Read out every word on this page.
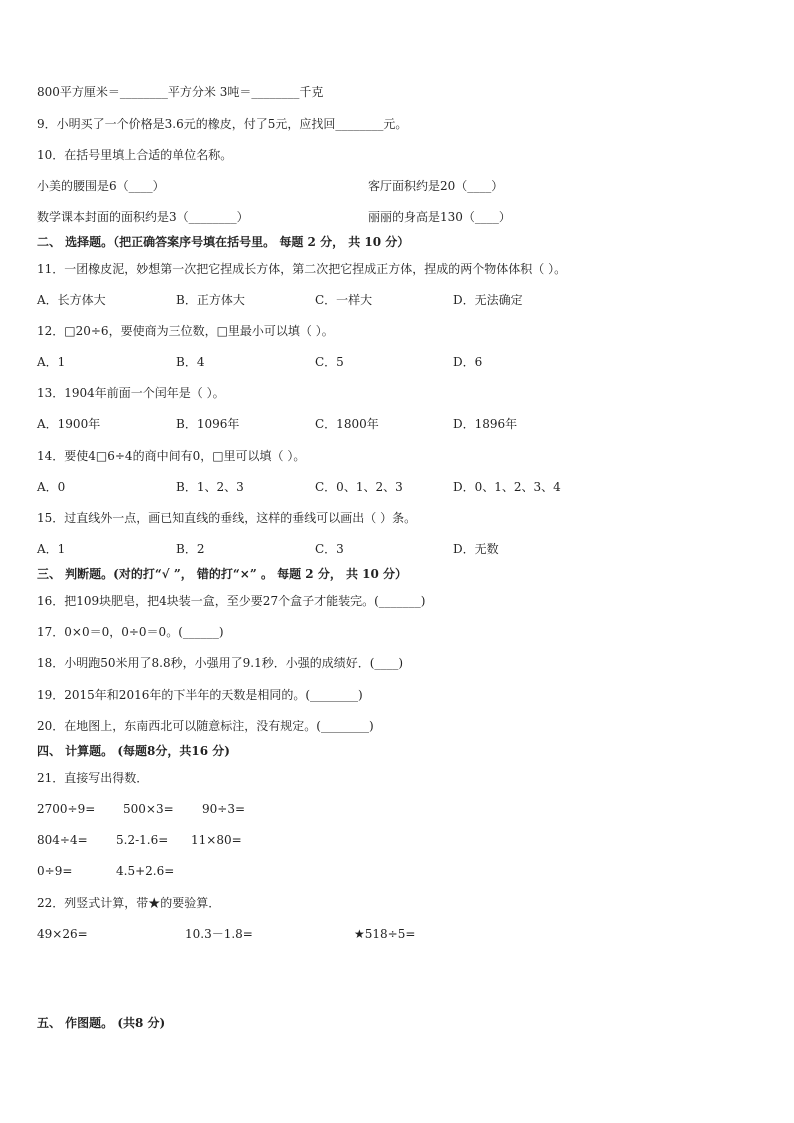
800平方厘米＝________平方分米 3吨＝________千克
9．小明买了一个价格是3.6元的橡皮，付了5元，应找回________元。
10．在括号里填上合适的单位名称。
小美的腰围是6（____）	客厅面积约是20（____）
数学课本封面的面积约是3（________）	丽丽的身高是130（____）
二、 选择题。（把正确答案序号填在括号里。 每题 2 分， 共 10 分）
11．一团橡皮泥，妙想第一次把它捏成长方体，第二次把它捏成正方体，捏成的两个物体体积（ ）。
A．长方体大	B．正方体大	C．一样大	D．无法确定
12．□20÷6，要使商为三位数，□里最小可以填（ ）。
A．1	B．4	C．5	D．6
13．1904年前面一个闰年是（ ）。
A．1900年	B．1096年	C．1800年	D．1896年
14．要使4□6÷4的商中间有0，□里可以填（ ）。
A．0	B．1、2、3	C．0、1、2、3	D．0、1、2、3、4
15．过直线外一点，画已知直线的垂线，这样的垂线可以画出（ ）条。
A．1	B．2	C．3	D．无数
三、 判断题。(对的打“√ ”， 错的打“×” 。 每题 2 分， 共 10 分）
16．把109块肥皂，把4块装一盒，至少要27个盒子才能装完。(_______)
17．0×0＝0，0÷0＝0。(______)
18．小明跑50米用了8.8秒，小强用了9.1秒．小强的成绩好．(____)
19．2015年和2016年的下半年的天数是相同的。(________)
20．在地图上，东南西北可以随意标注，没有规定。(________)
四、 计算题。 (每题8分，共16 分)
21．直接写出得数．
2700÷9= 500×3= 90÷3=
804÷4= 5.2-1.6= 11×80=
0÷9=	4.5+2.6=
22．列竖式计算，带★的要验算．
49×26=	10.3－1.8=	★518÷5=
五、 作图题。 (共8 分)
